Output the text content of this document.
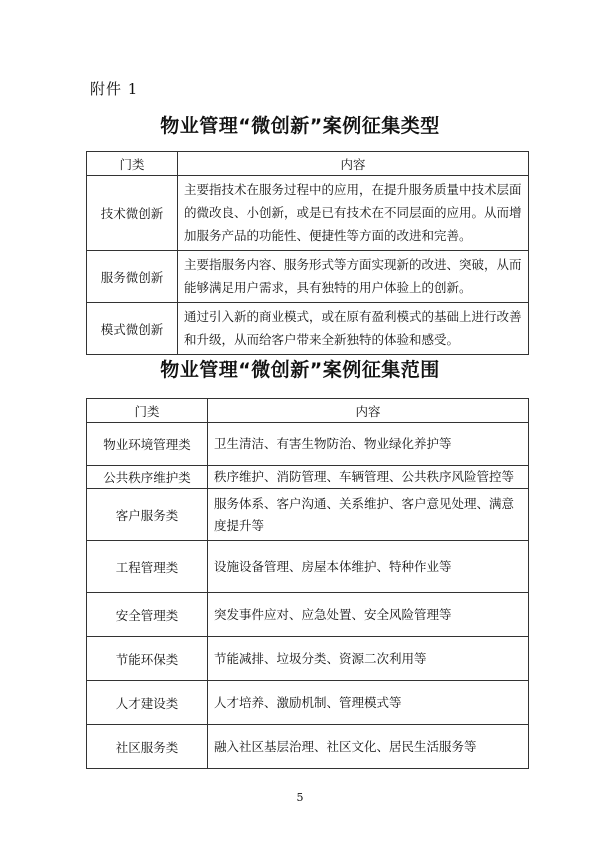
附件 1
物业管理“微创新”案例征集类型
门类	内容
技术微创新	主要指技术在服务过程中的应用，在提升服务质量中技术层面的微改良、小创新，或是已有技术在不同层面的应用。从而增加服务产品的功能性、便捷性等方面的改进和完善。
服务微创新	主要指服务内容、服务形式等方面实现新的改进、突破，从而能够满足用户需求，具有独特的用户体验上的创新。
模式微创新	通过引入新的商业模式，或在原有盈利模式的基础上进行改善和升级，从而给客户带来全新独特的体验和感受。
物业管理“微创新”案例征集范围
门类	内容
物业环境管理类	卫生清洁、有害生物防治、物业绿化养护等
公共秩序维护类	秩序维护、消防管理、车辆管理、公共秩序风险管控等
客户服务类	服务体系、客户沟通、关系维护、客户意见处理、满意度提升等
工程管理类	设施设备管理、房屋本体维护、特种作业等
安全管理类	突发事件应对、应急处置、安全风险管理等
节能环保类	节能减排、垃圾分类、资源二次利用等
人才建设类	人才培养、激励机制、管理模式等
社区服务类	融入社区基层治理、社区文化、居民生活服务等
5
